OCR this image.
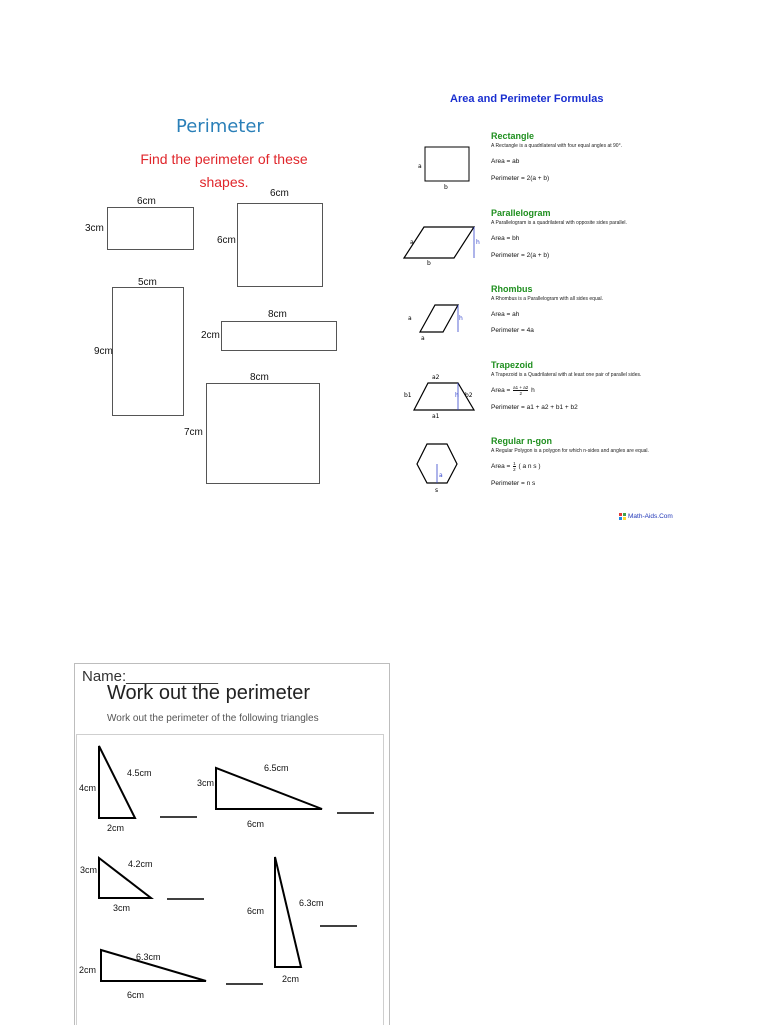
Perimeter
Find the perimeter of these
shapes.
6cm
3cm
6cm
6cm
5cm
9cm
8cm
2cm
8cm
7cm
Area and Perimeter Formulas
a
b
a
b
h
a
a
h
a2
b1	h b2
a1
a
s
Rectangle
A Rectangle is a quadrilateral with four equal angles at 90°.
Area = ab
Perimeter = 2(a + b)
Parallelogram
A Parallelogram is a quadrilateral with opposite sides parallel.
Area = bh
Perimeter = 2(a + b)
Rhombus
A Rhombus is a Parallelogram with all sides equal.
Area = ah
Perimeter = 4a
Trapezoid
A Trapezoid is a Quadrilateral with at least one pair of parallel sides.
Area = $\frac{a1 + a2}{2}$ h
Perimeter = a1 + a2 + b1 + b2
Regular n-gon
A Regular Polygon is a polygon for which n-sides and angles are equal.
Area = $\frac{1}{2}$ ( a n s )
Perimeter = n s
Math-Aids.Com
Name:___________
Work out the perimeter
Work out the perimeter of the following triangles
4cm
4.5cm
2cm
3cm
6.5cm
6cm
3cm
4.2cm
3cm	6cm
6.3cm
2cm
2cm
6.3cm
6cm
